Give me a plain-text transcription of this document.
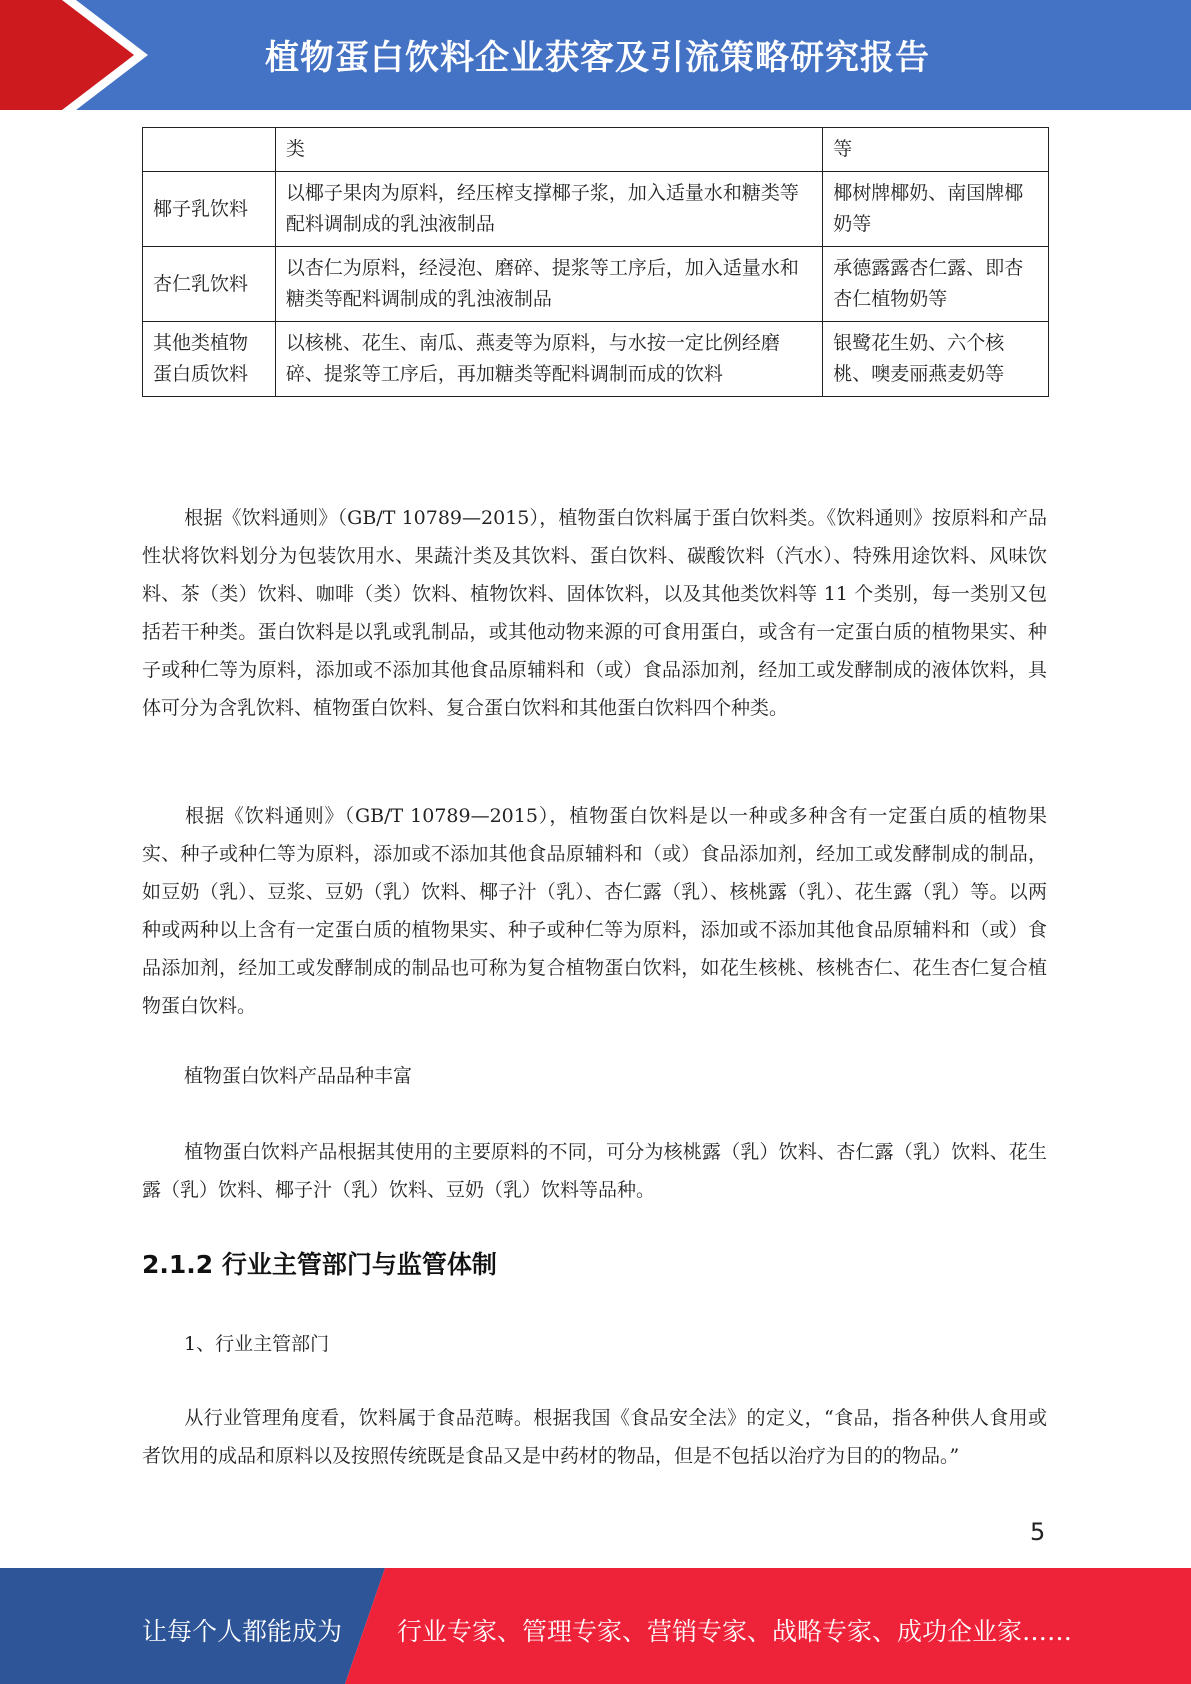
植物蛋白饮料企业获客及引流策略研究报告
	类	等
椰子乳饮料	以椰子果肉为原料，经压榨支撑椰子浆，加入适量水和糖类等配料调制成的乳浊液制品	椰树牌椰奶、南国牌椰奶等
杏仁乳饮料	以杏仁为原料，经浸泡、磨碎、提浆等工序后，加入适量水和糖类等配料调制成的乳浊液制品	承德露露杏仁露、即杏杏仁植物奶等
其他类植物蛋白质饮料	以核桃、花生、南瓜、燕麦等为原料，与水按一定比例经磨碎、提浆等工序后，再加糖类等配料调制而成的饮料	银鹭花生奶、六个核桃、噢麦丽燕麦奶等

根据《饮料通则》（GB/T 10789—2015），植物蛋白饮料属于蛋白饮料类。《饮料通则》按原料和产品性状将饮料划分为包装饮用水、果蔬汁类及其饮料、蛋白饮料、碳酸饮料（汽水）、特殊用途饮料、风味饮料、茶（类）饮料、咖啡（类）饮料、植物饮料、固体饮料，以及其他类饮料等 11 个类别，每一类别又包括若干种类。蛋白饮料是以乳或乳制品，或其他动物来源的可食用蛋白，或含有一定蛋白质的植物果实、种子或种仁等为原料，添加或不添加其他食品原辅料和（或）食品添加剂，经加工或发酵制成的液体饮料，具体可分为含乳饮料、植物蛋白饮料、复合蛋白饮料和其他蛋白饮料四个种类。

根据《饮料通则》（GB/T 10789—2015），植物蛋白饮料是以一种或多种含有一定蛋白质的植物果实、种子或种仁等为原料，添加或不添加其他食品原辅料和（或）食品添加剂，经加工或发酵制成的制品，如豆奶（乳）、豆浆、豆奶（乳）饮料、椰子汁（乳）、杏仁露（乳）、核桃露（乳）、花生露（乳）等。以两种或两种以上含有一定蛋白质的植物果实、种子或种仁等为原料，添加或不添加其他食品原辅料和（或）食品添加剂，经加工或发酵制成的制品也可称为复合植物蛋白饮料，如花生核桃、核桃杏仁、花生杏仁复合植物蛋白饮料。

植物蛋白饮料产品品种丰富

植物蛋白饮料产品根据其使用的主要原料的不同，可分为核桃露（乳）饮料、杏仁露（乳）饮料、花生露（乳）饮料、椰子汁（乳）饮料、豆奶（乳）饮料等品种。

2.1.2 行业主管部门与监管体制

1、行业主管部门

从行业管理角度看，饮料属于食品范畴。根据我国《食品安全法》的定义，“食品，指各种供人食用或者饮用的成品和原料以及按照传统既是食品又是中药材的物品，但是不包括以治疗为目的的物品。”

5
让每个人都能成为 行业专家、管理专家、营销专家、战略专家、成功企业家……
